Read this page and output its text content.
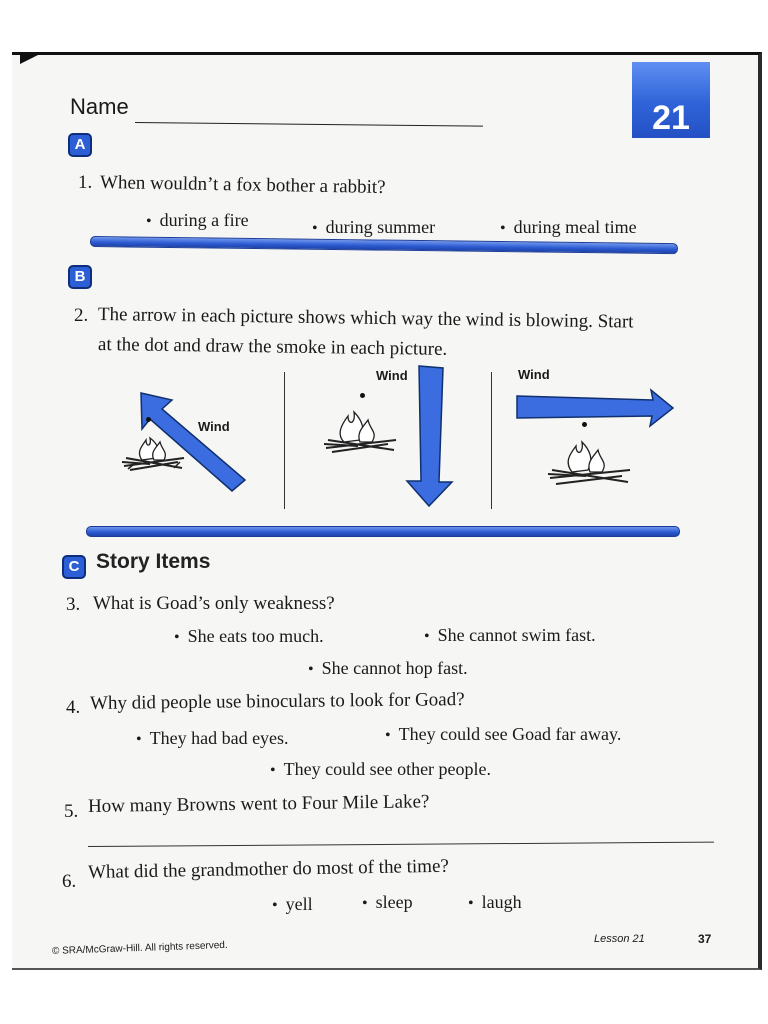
21
Name
A
1. When wouldn’t a fox bother a rabbit?
• during a fire	• during summer	• during meal time
B
2. The arrow in each picture shows which way the wind is blowing. Start
at the dot and draw the smoke in each picture.
Wind
Wind	Wind
C Story Items
3. What is Goad’s only weakness?
• She eats too much.	• She cannot swim fast.
• She cannot hop fast.
4. Why did people use binoculars to look for Goad?
• They had bad eyes.	• They could see Goad far away.
• They could see other people.
5. How many Browns went to Four Mile Lake?
6. What did the grandmother do most of the time?
• yell	• sleep	• laugh
© SRA/McGraw-Hill. All rights reserved.
Lesson 21	37
